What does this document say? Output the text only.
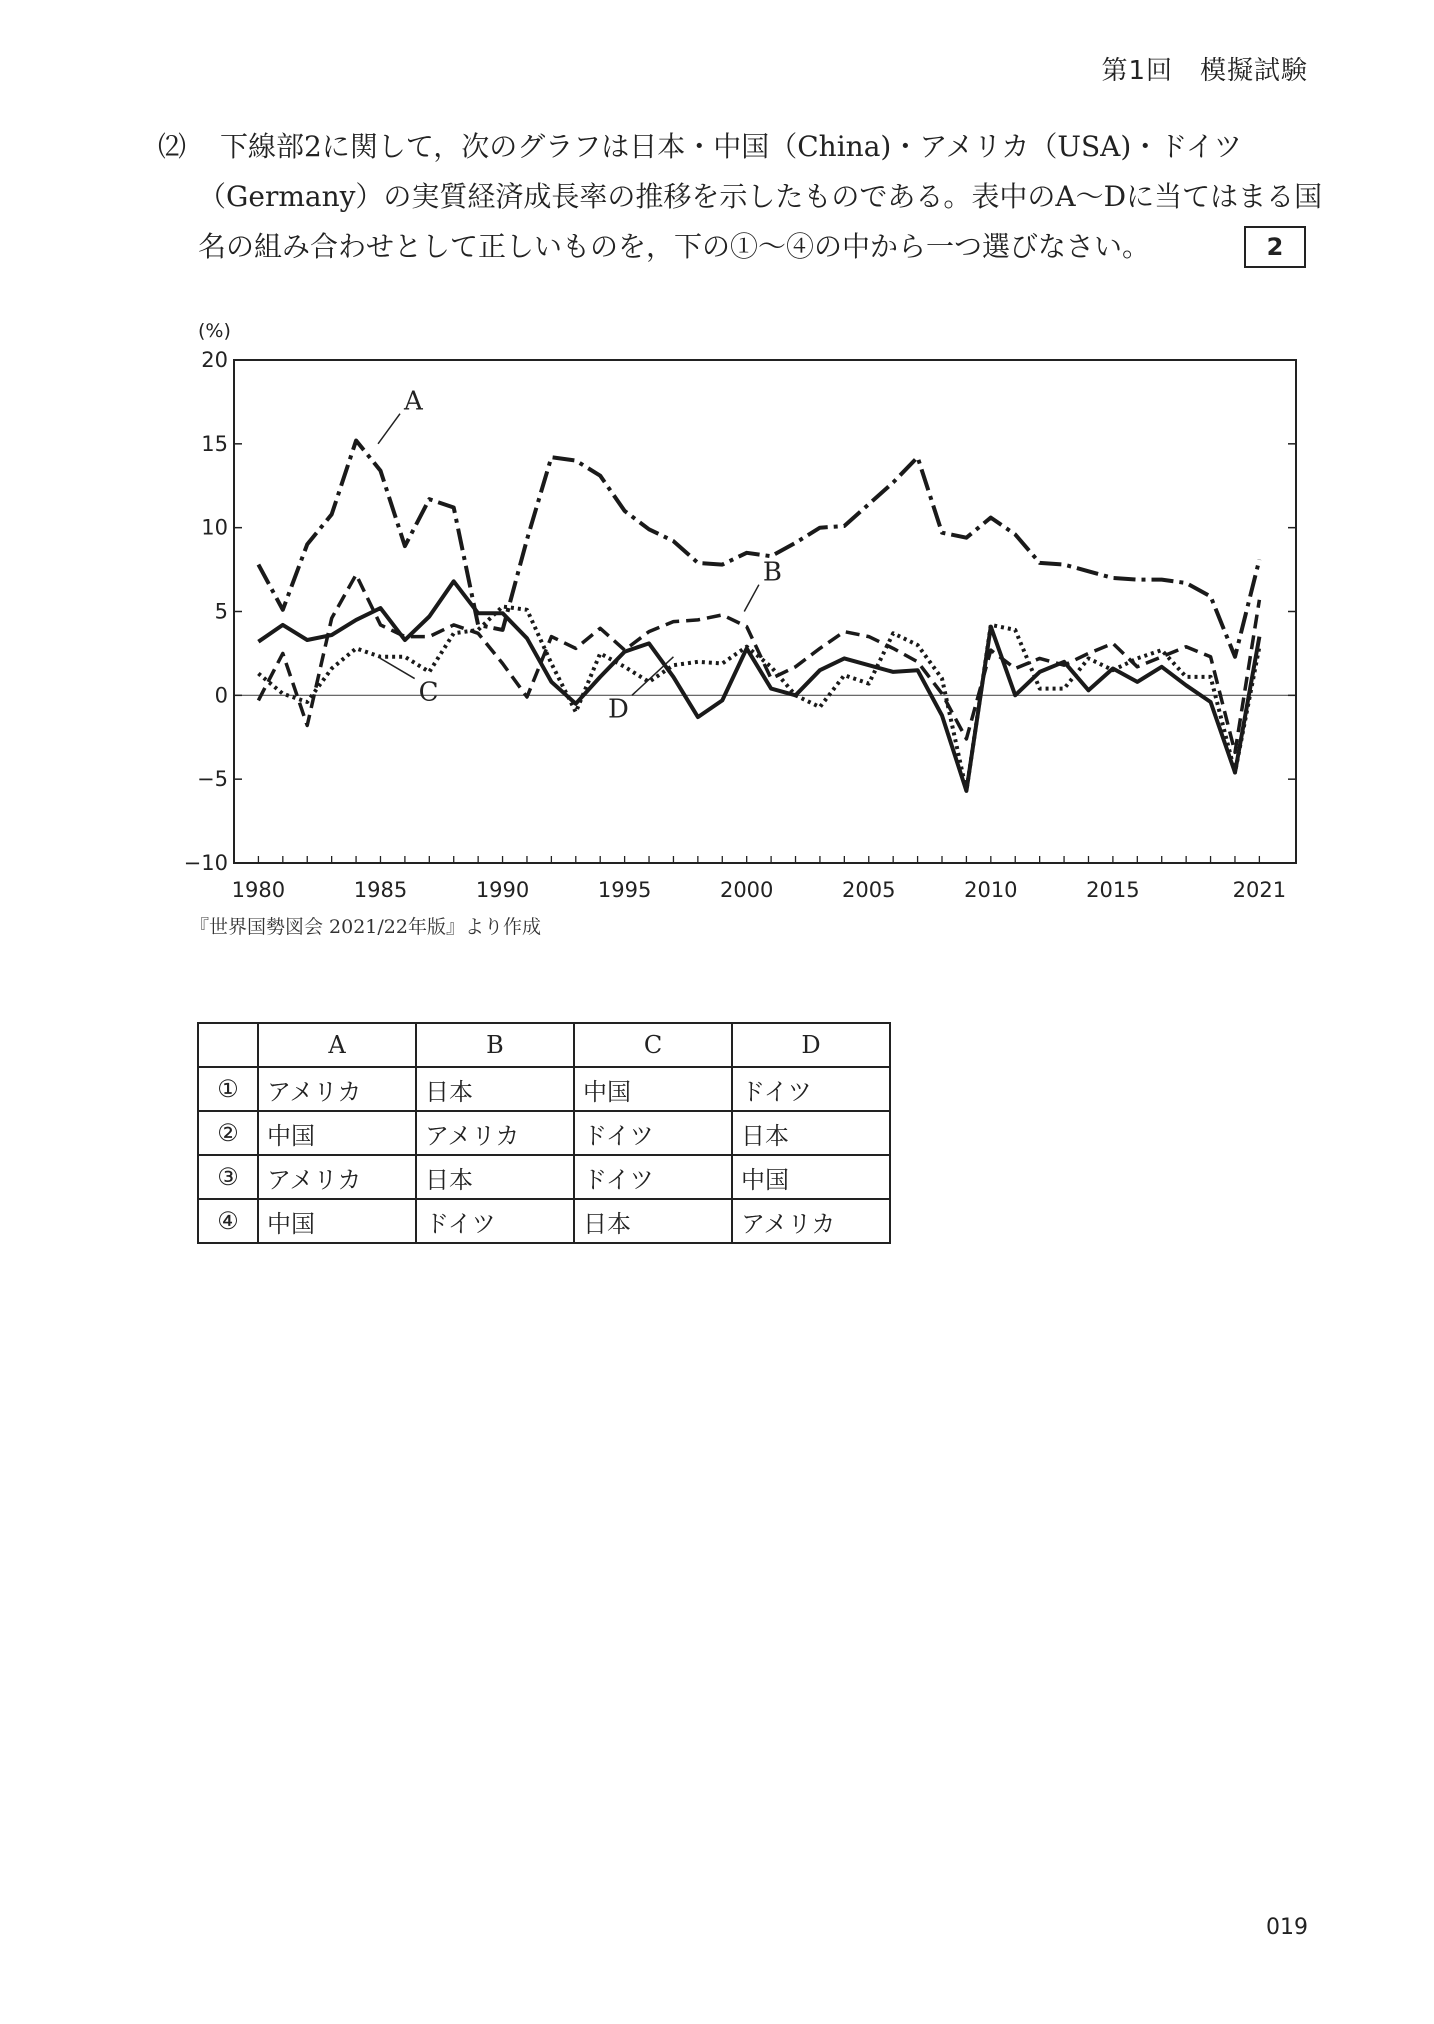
第1回　模擬試験
⑵ 下線部2に関して，次のグラフは日本・中国（China)・アメリカ（USA)・ドイツ
（Germany）の実質経済成長率の推移を示したものである。表中のA～Dに当てはまる国
名の組み合わせとして正しいものを，下の①～④の中から一つ選びなさい。	2
20
15
10
5
0
−5
−10
(%)
1980	1985	1990	1995	2000	2005	2010	2015	2021
A
B
C
D
『世界国勢図会 2021/22年版』より作成
	A	B	C	D
①	アメリカ	日本	中国	ドイツ
②	中国	アメリカ	ドイツ	日本
③	アメリカ	日本	ドイツ	中国
④	中国	ドイツ	日本	アメリカ
019
